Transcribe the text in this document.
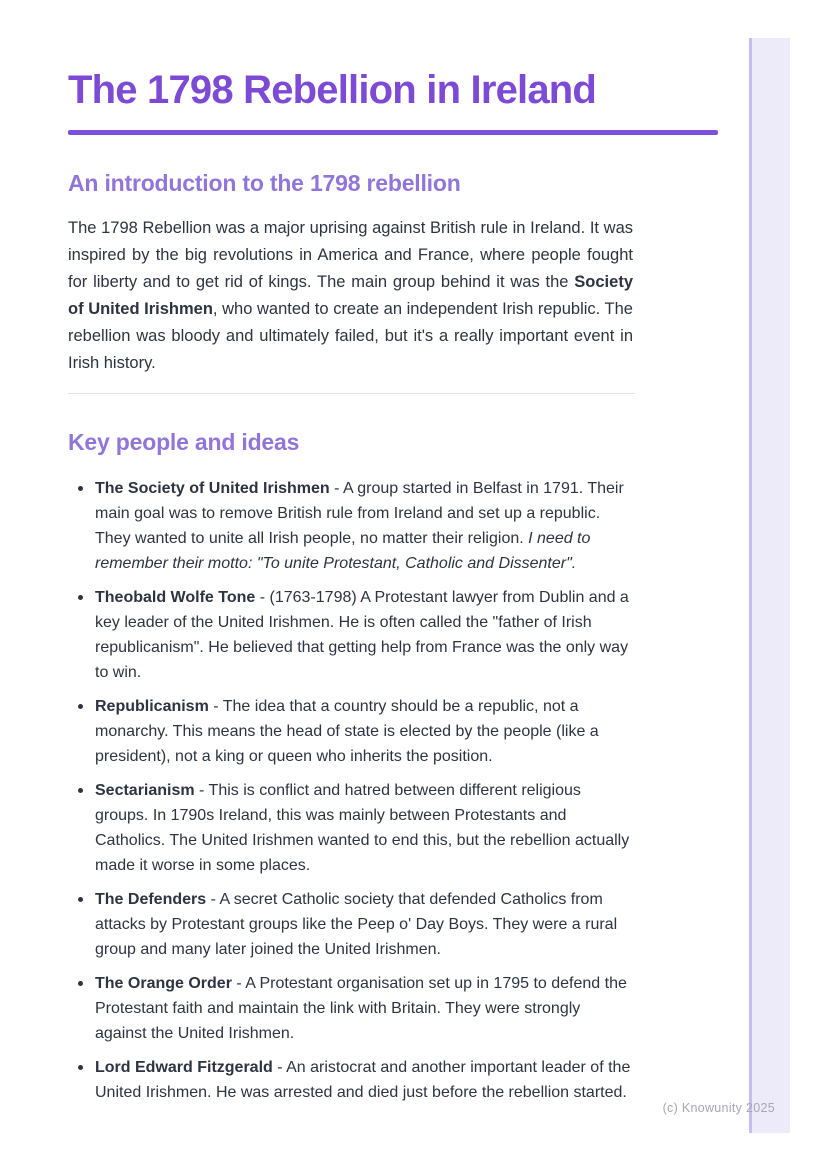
The 1798 Rebellion in Ireland
An introduction to the 1798 rebellion

The 1798 Rebellion was a major uprising against British rule in Ireland. It was inspired by the big revolutions in America and France, where people fought for liberty and to get rid of kings. The main group behind it was the Society of United Irishmen, who wanted to create an independent Irish republic. The rebellion was bloody and ultimately failed, but it's a really important event in Irish history.

Key people and ideas
The Society of United Irishmen - A group started in Belfast in 1791. Their main goal was to remove British rule from Ireland and set up a republic. They wanted to unite all Irish people, no matter their religion. I need to remember their motto: "To unite Protestant, Catholic and Dissenter".
Theobald Wolfe Tone - (1763-1798) A Protestant lawyer from Dublin and a key leader of the United Irishmen. He is often called the "father of Irish republicanism". He believed that getting help from France was the only way to win.
Republicanism - The idea that a country should be a republic, not a monarchy. This means the head of state is elected by the people (like a president), not a king or queen who inherits the position.
Sectarianism - This is conflict and hatred between different religious groups. In 1790s Ireland, this was mainly between Protestants and Catholics. The United Irishmen wanted to end this, but the rebellion actually made it worse in some places.
The Defenders - A secret Catholic society that defended Catholics from attacks by Protestant groups like the Peep o' Day Boys. They were a rural group and many later joined the United Irishmen.
The Orange Order - A Protestant organisation set up in 1795 to defend the Protestant faith and maintain the link with Britain. They were strongly against the United Irishmen.
Lord Edward Fitzgerald - An aristocrat and another important leader of the United Irishmen. He was arrested and died just before the rebellion started.
(c) Knowunity 2025
